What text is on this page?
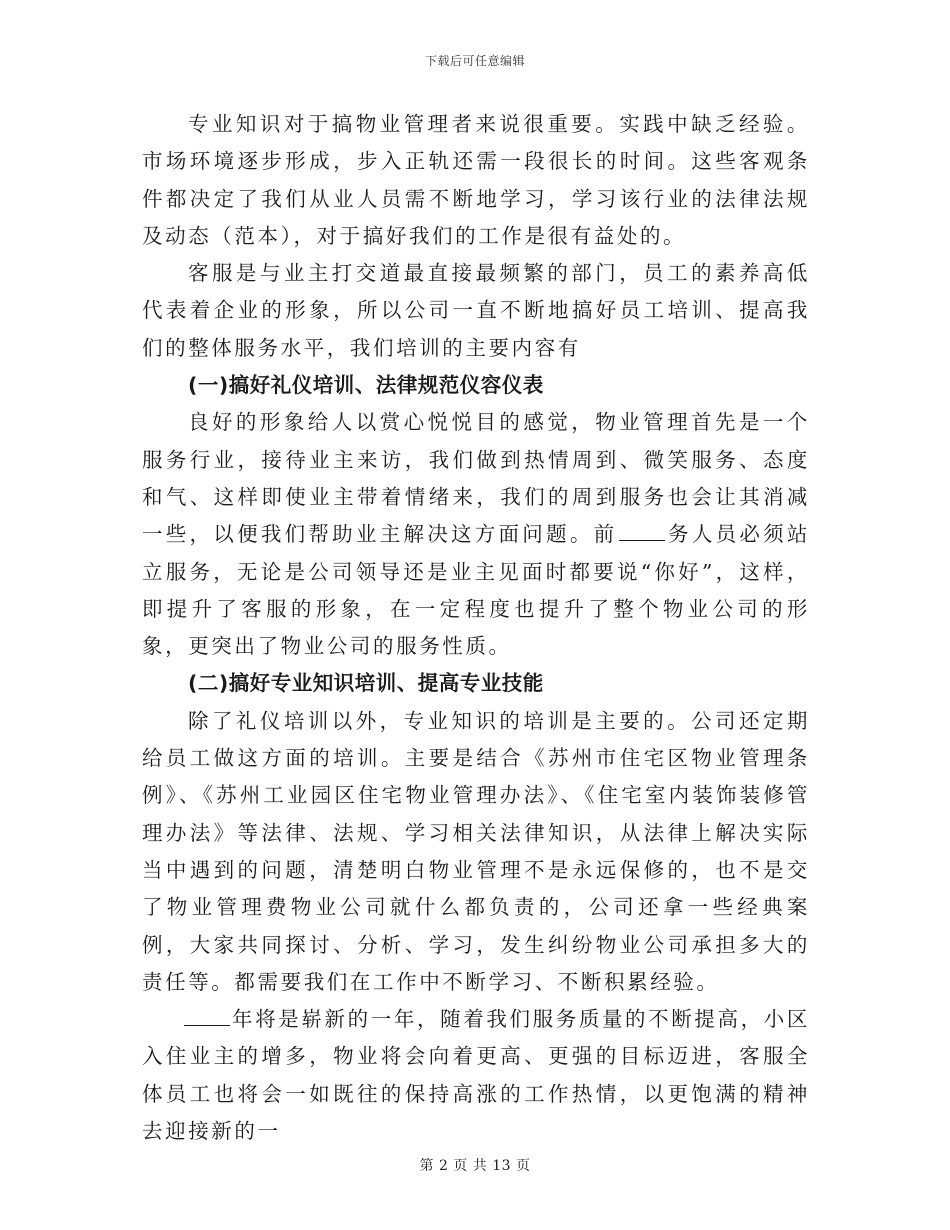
下载后可任意编辑

专业知识对于搞物业管理者来说很重要。实践中缺乏经验。市场环境逐步形成，步入正轨还需一段很长的时间。这些客观条件都决定了我们从业人员需不断地学习，学习该行业的法律法规及动态（范本），对于搞好我们的工作是很有益处的。

客服是与业主打交道最直接最频繁的部门，员工的素养高低代表着企业的形象，所以公司一直不断地搞好员工培训、提高我们的整体服务水平，我们培训的主要内容有

(一)搞好礼仪培训、法律规范仪容仪表

良好的形象给人以赏心悦悦目的感觉，物业管理首先是一个服务行业，接待业主来访，我们做到热情周到、微笑服务、态度和气、这样即使业主带着情绪来，我们的周到服务也会让其消减一些，以便我们帮助业主解决这方面问题。前 务人员必须站立服务，无论是公司领导还是业主见面时都要说“你好”，这样，即提升了客服的形象，在一定程度也提升了整个物业公司的形象，更突出了物业公司的服务性质。

(二)搞好专业知识培训、提高专业技能

除了礼仪培训以外，专业知识的培训是主要的。公司还定期给员工做这方面的培训。主要是结合《苏州市住宅区物业管理条例》、《苏州工业园区住宅物业管理办法》、《住宅室内装饰装修管理办法》等法律、法规、学习相关法律知识，从法律上解决实际当中遇到的问题，清楚明白物业管理不是永远保修的，也不是交了物业管理费物业公司就什么都负责的，公司还拿一些经典案例，大家共同探讨、分析、学习，发生纠纷物业公司承担多大的责任等。都需要我们在工作中不断学习、不断积累经验。

年将是崭新的一年，随着我们服务质量的不断提高，小区入住业主的增多，物业将会向着更高、更强的目标迈进，客服全体员工也将会一如既往的保持高涨的工作热情，以更饱满的精神去迎接新的一

第 2 页 共 13 页
